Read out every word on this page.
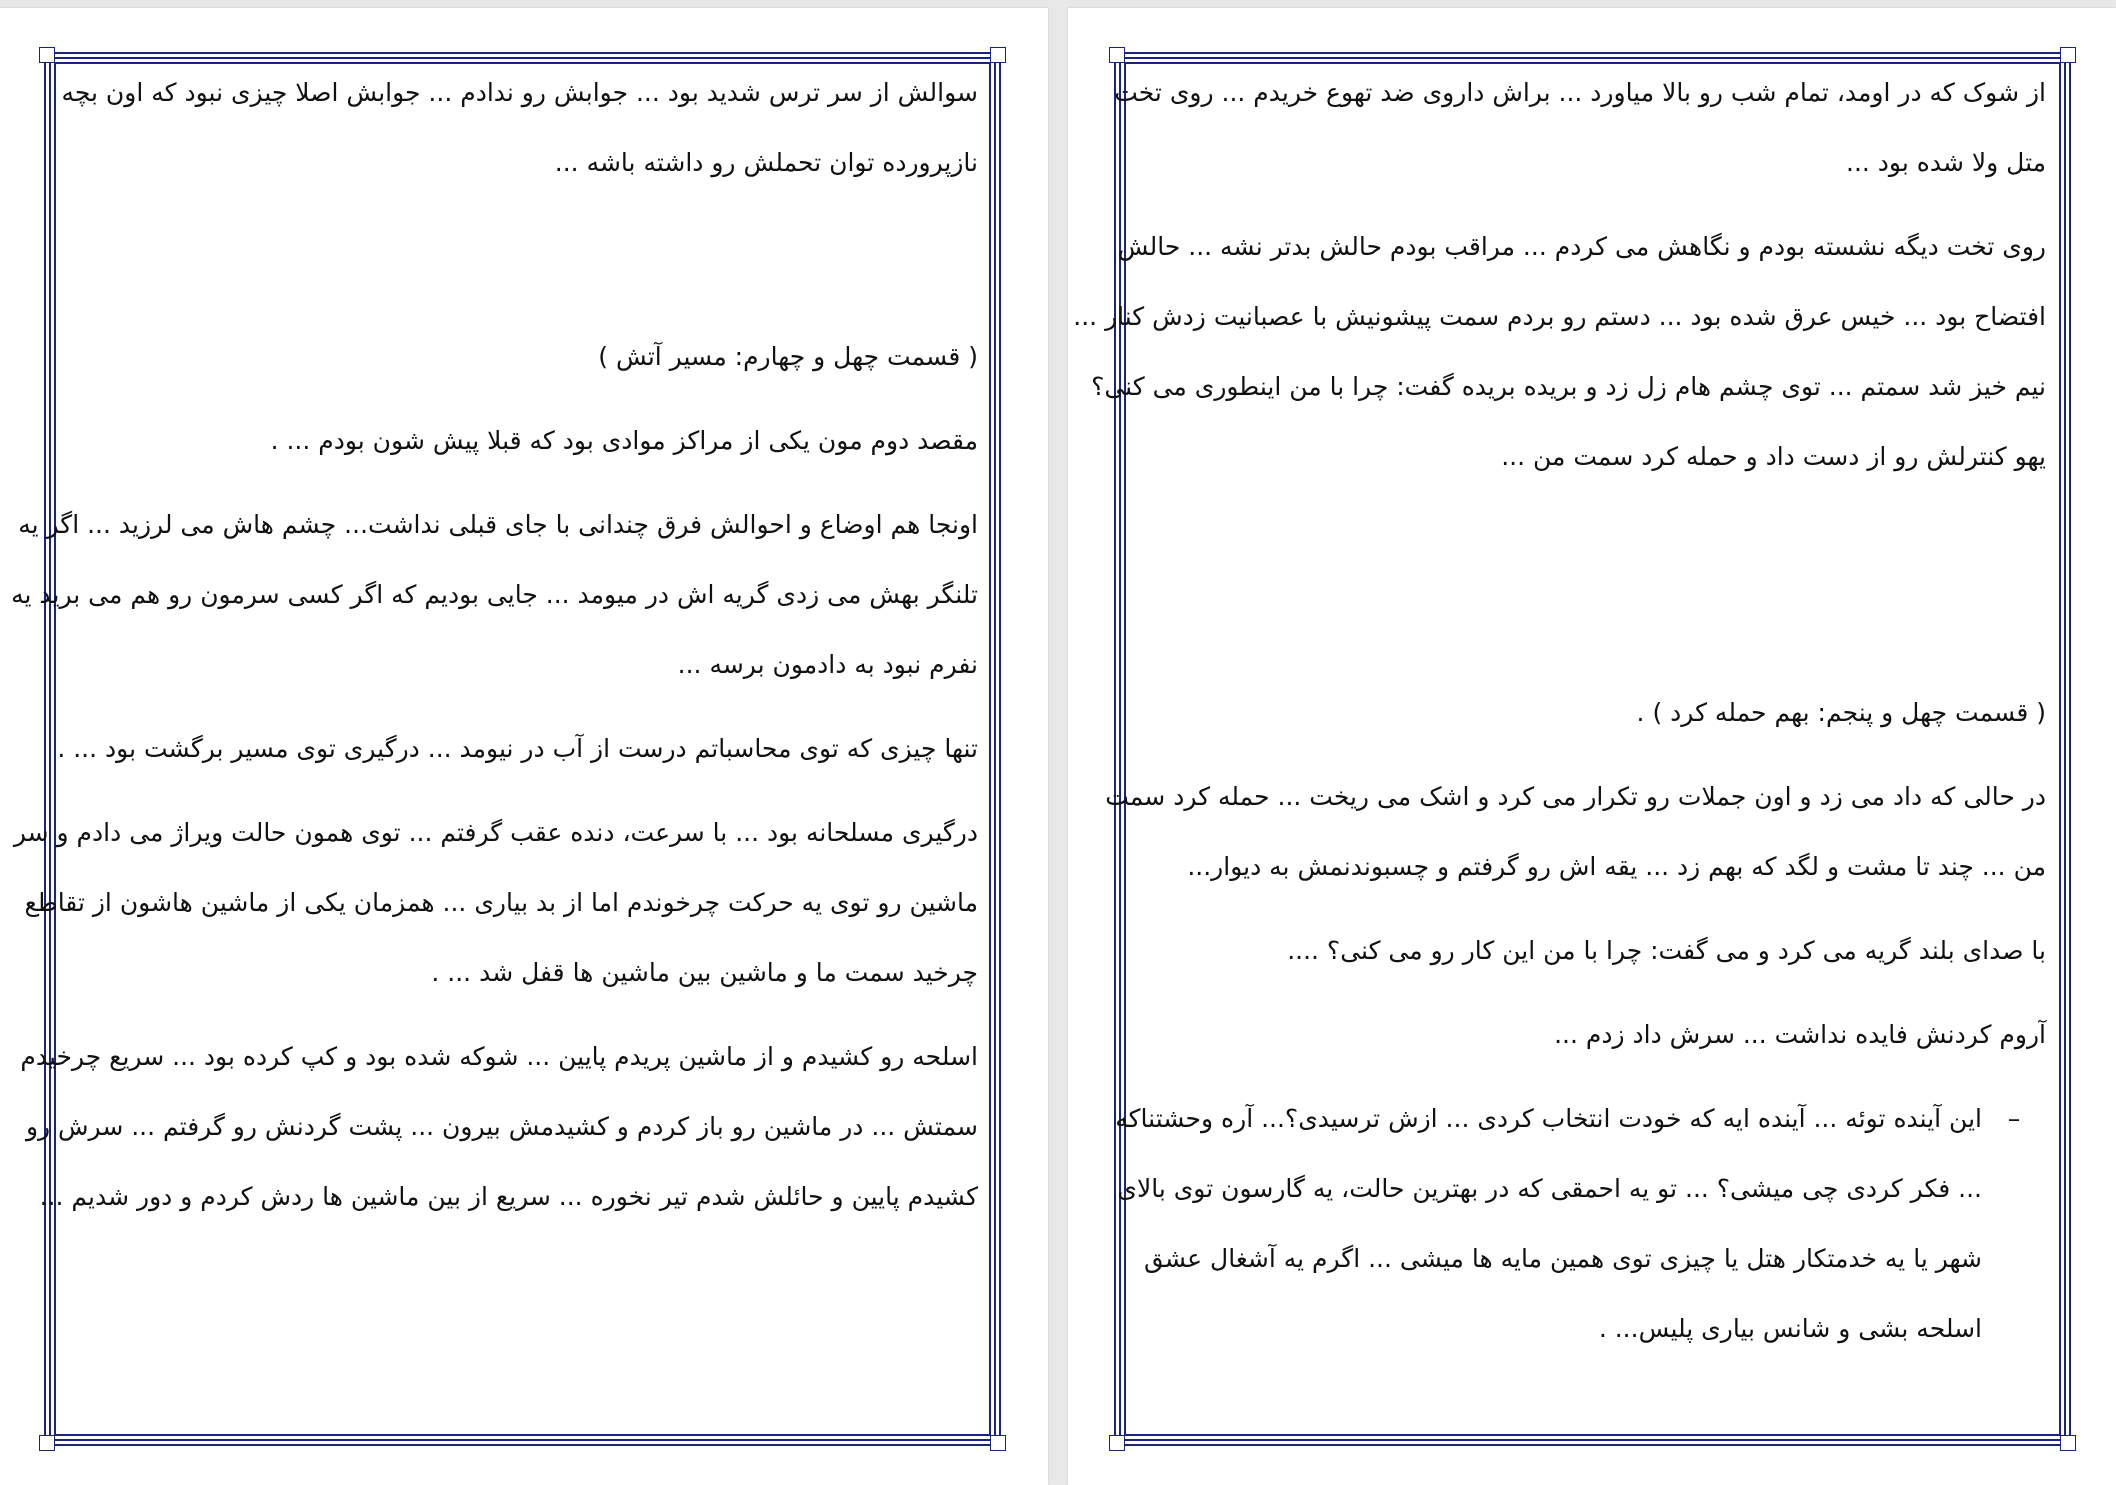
سوالش از سر ترس شدید بود ... جوابش رو ندادم ... جوابش اصلا چیزی نبود که اون بچه
نازپرورده توان تحملش رو داشته باشه ...
( قسمت چهل و چهارم: مسیر آتش )
مقصد دوم مون یکی از مراکز موادی بود که قبلا پیش شون بودم ... .
اونجا هم اوضاع و احوالش فرق چندانی با جای قبلی نداشت... چشم هاش می لرزید ... اگر یه
تلنگر بهش می زدی گریه اش در میومد ... جایی بودیم که اگر کسی سرمون رو هم می برید یه
نفرم نبود به دادمون برسه ...
تنها چیزی که توی محاسباتم درست از آب در نیومد ... درگیری توی مسیر برگشت بود ... .
درگیری مسلحانه بود ... با سرعت، دنده عقب گرفتم ... توی همون حالت ویراژ می دادم و سر
ماشین رو توی یه حرکت چرخوندم اما از بد بیاری ... همزمان یکی از ماشین هاشون از تقاطع
چرخید سمت ما و ماشین بین ماشین ها قفل شد ... .
اسلحه رو کشیدم و از ماشین پریدم پایین ... شوکه شده بود و کپ کرده بود ... سریع چرخیدم
سمتش ... در ماشین رو باز کردم و کشیدمش بیرون ... پشت گردنش رو گرفتم ... سرش رو
کشیدم پایین و حائلش شدم تیر نخوره ... سریع از بین ماشین ها ردش کردم و دور شدیم ...
از شوک که در اومد، تمام شب رو بالا میاورد ... براش داروی ضد تهوع خریدم ... روی تخت
متل ولا شده بود ...
روی تخت دیگه نشسته بودم و نگاهش می کردم ... مراقب بودم حالش بدتر نشه ... حالش
افتضاح بود ... خیس عرق شده بود ... دستم رو بردم سمت پیشونیش با عصبانیت زدش کنار ...
نیم خیز شد سمتم ... توی چشم هام زل زد و بریده بریده گفت: چرا با من اینطوری می کنی؟
یهو کنترلش رو از دست داد و حمله کرد سمت من ...
( قسمت چهل و پنجم: بهم حمله کرد ) .
در حالی که داد می زد و اون جملات رو تکرار می کرد و اشک می ریخت ... حمله کرد سمت
من ... چند تا مشت و لگد که بهم زد ... یقه اش رو گرفتم و چسبوندنمش به دیوار...
با صدای بلند گریه می کرد و می گفت: چرا با من این کار رو می کنی؟ ....
آروم کردنش فایده نداشت ... سرش داد زدم ...
–این آینده توئه ... آینده ایه که خودت انتخاب کردی ... ازش ترسیدی؟... آره وحشتناکه
... فکر کردی چی میشی؟ ... تو یه احمقی که در بهترین حالت، یه گارسون توی بالای
شهر یا یه خدمتکار هتل یا چیزی توی همین مایه ها میشی ... اگرم یه آشغال عشق
اسلحه بشی و شانس بیاری پلیس... .
